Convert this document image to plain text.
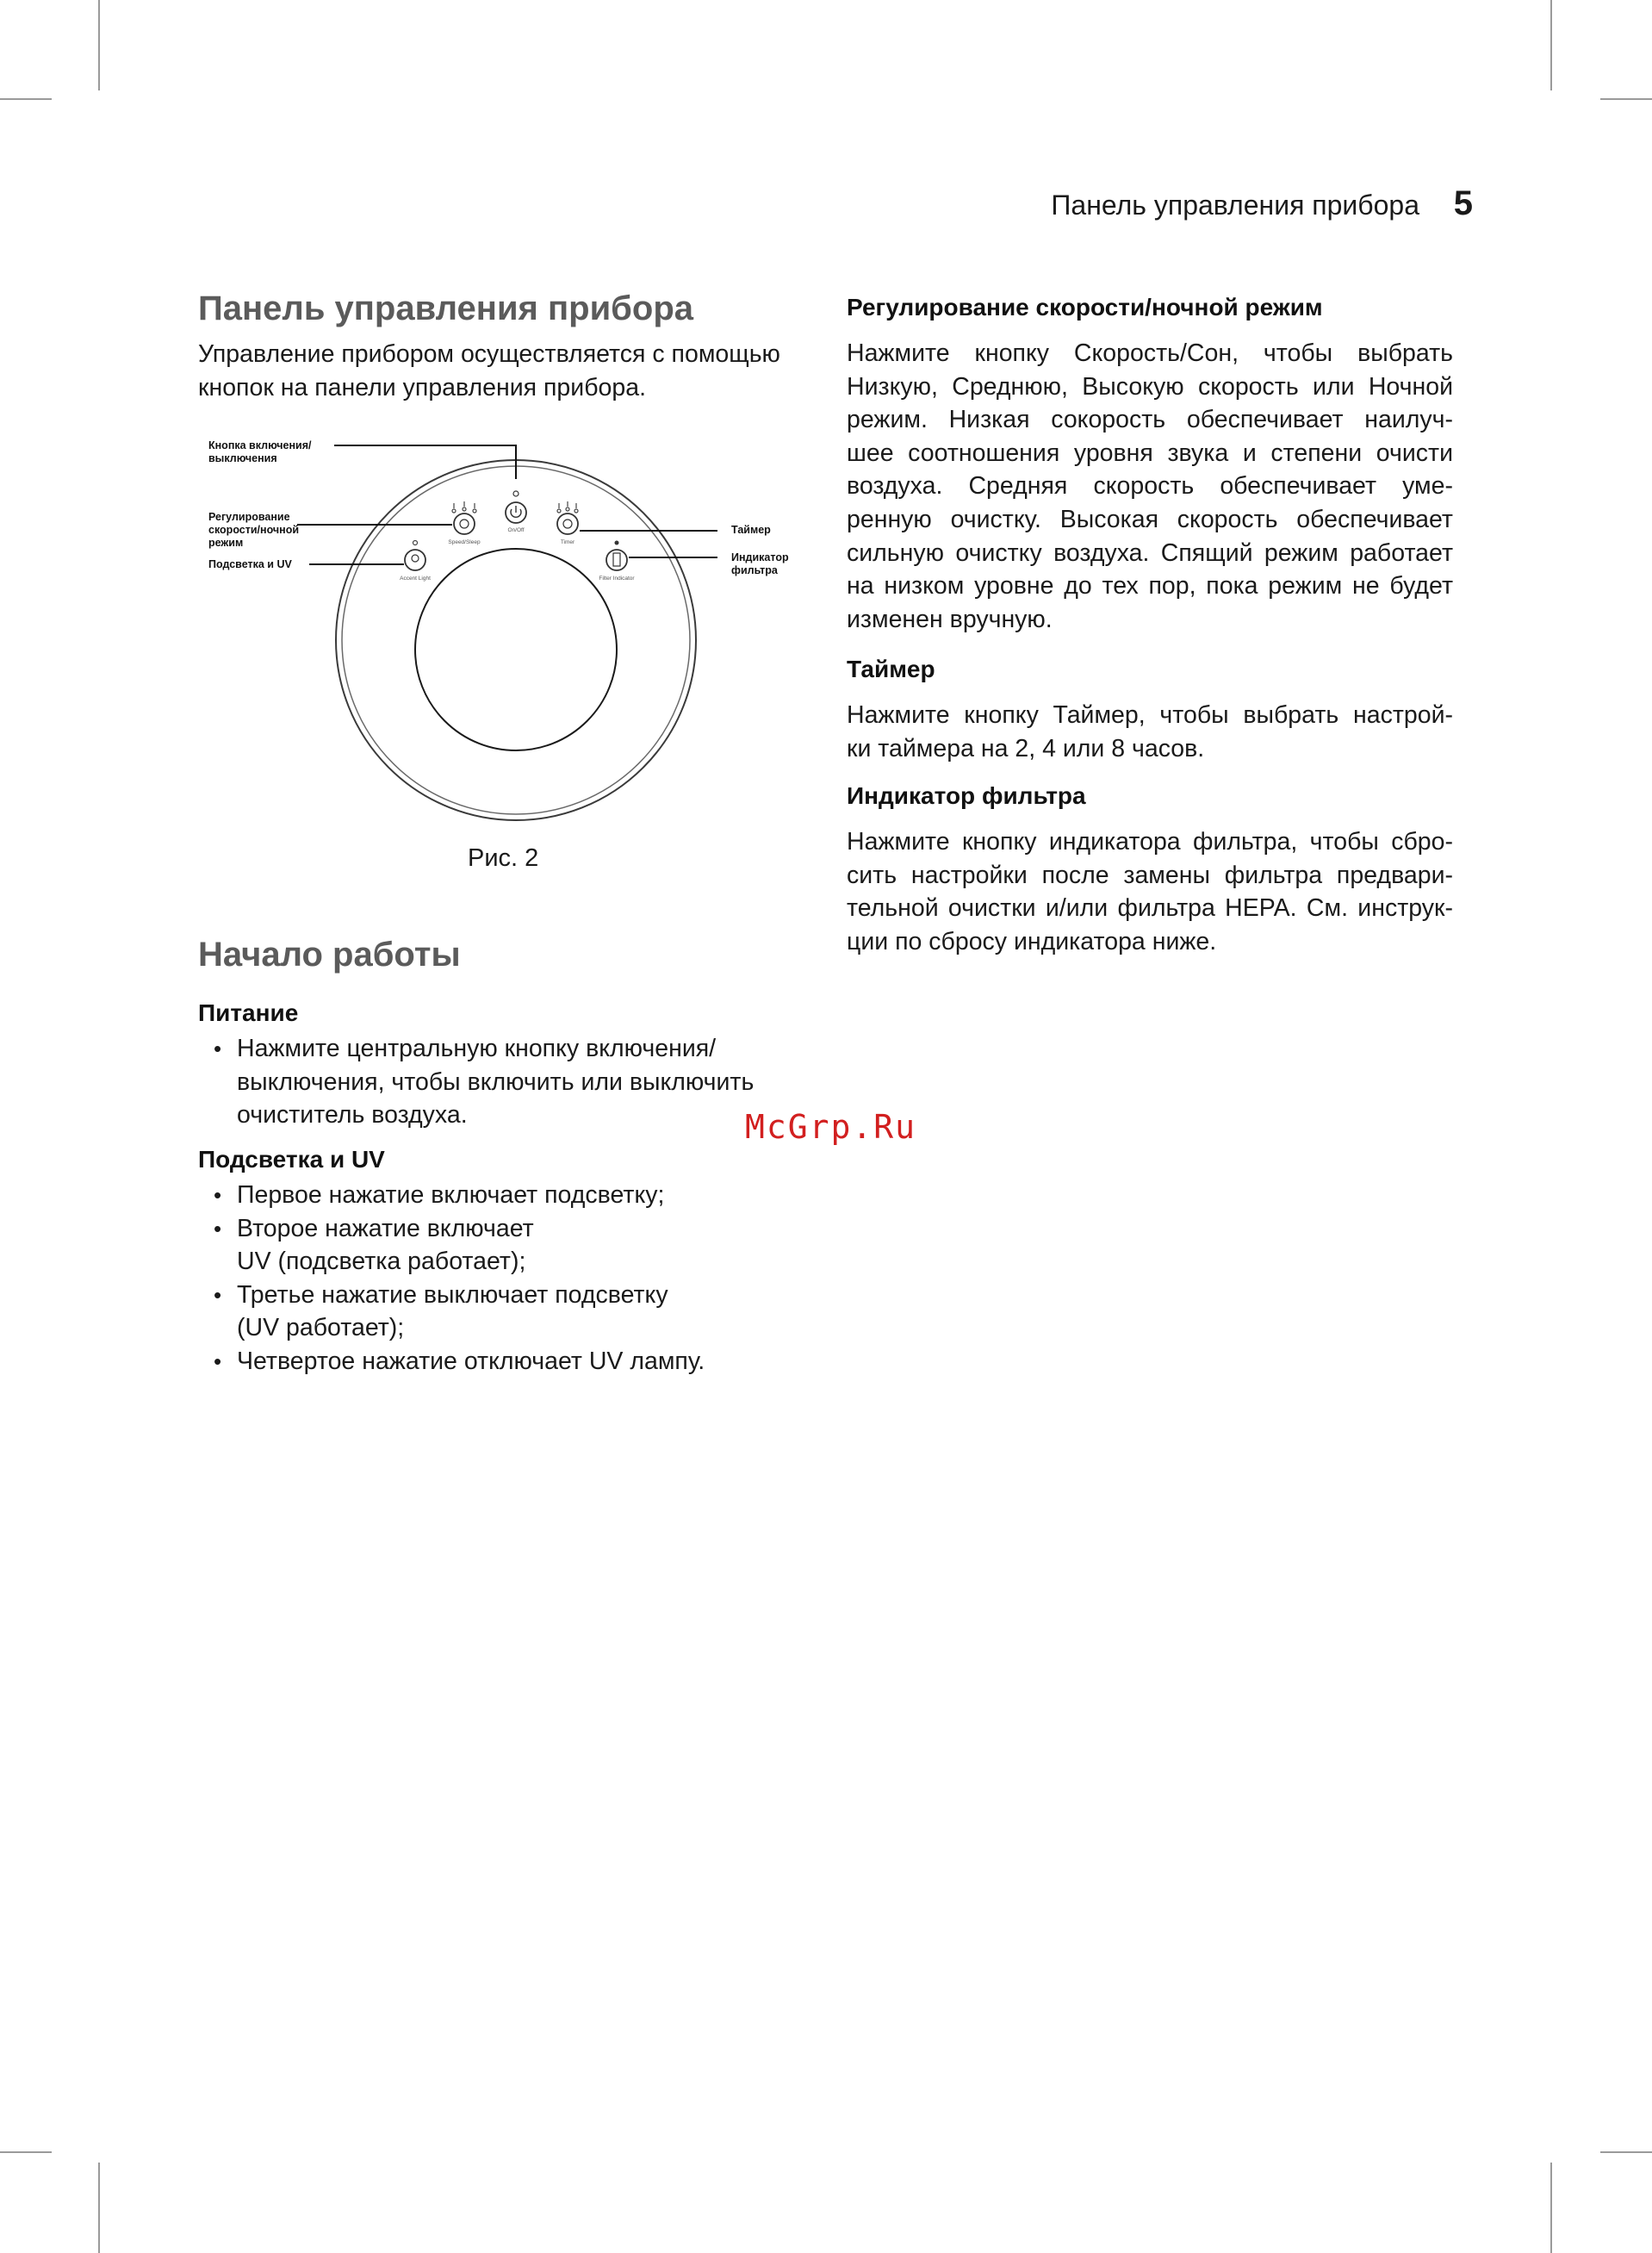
Панель управления прибора 5
Панель управления прибора

Управление прибором осуществляется с помощью
кнопок на панели управления прибора.

On/Off
Speed/Sleep	Timer
Accent Light	Filter Indicator
Кнопка включения/
выключения
Регулирование
скорости/ночной
режим
Подсветка и UV
Таймер
Индикатор
фильтра
Рис. 2
Начало работы
Питание
• Нажмите центральную кнопку включения/
выключения, чтобы включить или выключить
очиститель воздуха.
Подсветка и UV
• Первое нажатие включает подсветку;
• Второе нажатие включает
UV (подсветка работает);
• Третье нажатие выключает подсветку
(UV работает);
• Четвертое нажатие отключает UV лампу.
Регулирование скорости/ночной режим
Нажмите кнопку Скорость/Сон, чтобы выбрать
Низкую, Среднюю, Высокую скорость или Ночной
режим. Низкая сокорость обеспечивает наилуч-
шее соотношения уровня звука и степени очисти
воздуха. Средняя скорость обеспечивает уме-
ренную очистку. Высокая скорость обеспечивает
сильную очистку воздуха. Спящий режим работает
на низком уровне до тех пор, пока режим не будет
изменен вручную.
Таймер
Нажмите кнопку Таймер, чтобы выбрать настрой-
ки таймера на 2, 4 или 8 часов.
Индикатор фильтра
Нажмите кнопку индикатора фильтра, чтобы сбро-
сить настройки после замены фильтра предвари-
тельной очистки и/или фильтра HEPA. См. инструк-
ции по сбросу индикатора ниже.
McGrp.Ru
